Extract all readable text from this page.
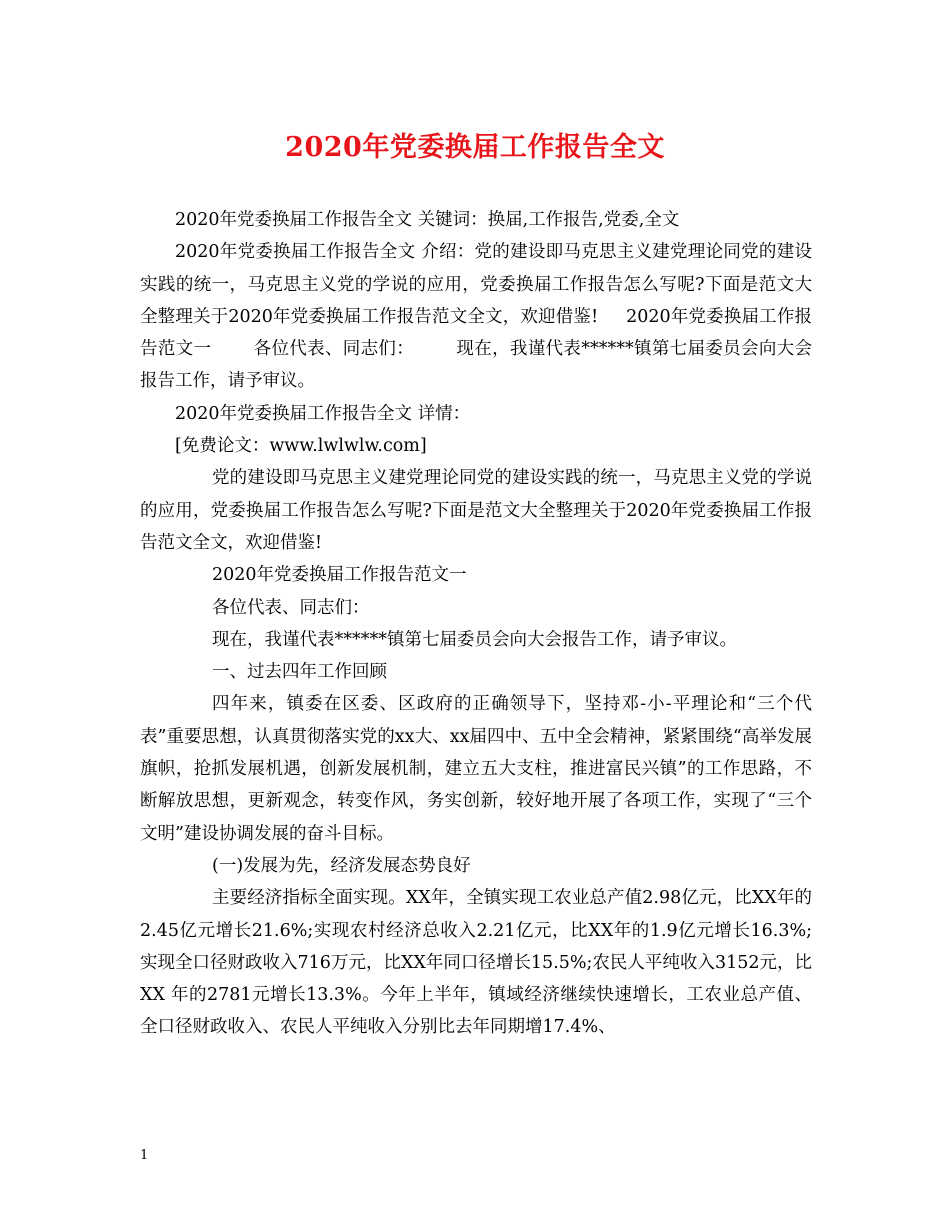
2020年党委换届工作报告全文

2020年党委换届工作报告全文 关键词：换届,工作报告,党委,全文

2020年党委换届工作报告全文 介绍：党的建设即马克思主义建党理论同党的建设实践的统一，马克思主义党的学说的应用，党委换届工作报告怎么写呢?下面是范文大全整理关于2020年党委换届工作报告范文全文，欢迎借鉴! 2020年党委换届工作报告范文一 各位代表、同志们： 现在，我谨代表******镇第七届委员会向大会报告工作，请予审议。

2020年党委换届工作报告全文 详情：

[免费论文：www.lwlwlw.com]

党的建设即马克思主义建党理论同党的建设实践的统一，马克思主义党的学说的应用，党委换届工作报告怎么写呢?下面是范文大全整理关于2020年党委换届工作报告范文全文，欢迎借鉴!

2020年党委换届工作报告范文一

各位代表、同志们：

现在，我谨代表******镇第七届委员会向大会报告工作，请予审议。

一、过去四年工作回顾

四年来，镇委在区委、区政府的正确领导下，坚持邓-小-平理论和“三个代表”重要思想，认真贯彻落实党的xx大、xx届四中、五中全会精神，紧紧围绕“高举发展旗帜，抢抓发展机遇，创新发展机制，建立五大支柱，推进富民兴镇”的工作思路，不断解放思想，更新观念，转变作风，务实创新，较好地开展了各项工作，实现了“三个文明”建设协调发展的奋斗目标。

(一)发展为先，经济发展态势良好

主要经济指标全面实现。XX年，全镇实现工农业总产值2.98亿元，比XX年的2.45亿元增长21.6%;实现农村经济总收入2.21亿元，比XX年的1.9亿元增长16.3%;实现全口径财政收入716万元，比XX年同口径增长15.5%;农民人平纯收入3152元，比XX 年的2781元增长13.3%。今年上半年，镇域经济继续快速增长，工农业总产值、全口径财政收入、农民人平纯收入分别比去年同期增17.4%、

1
